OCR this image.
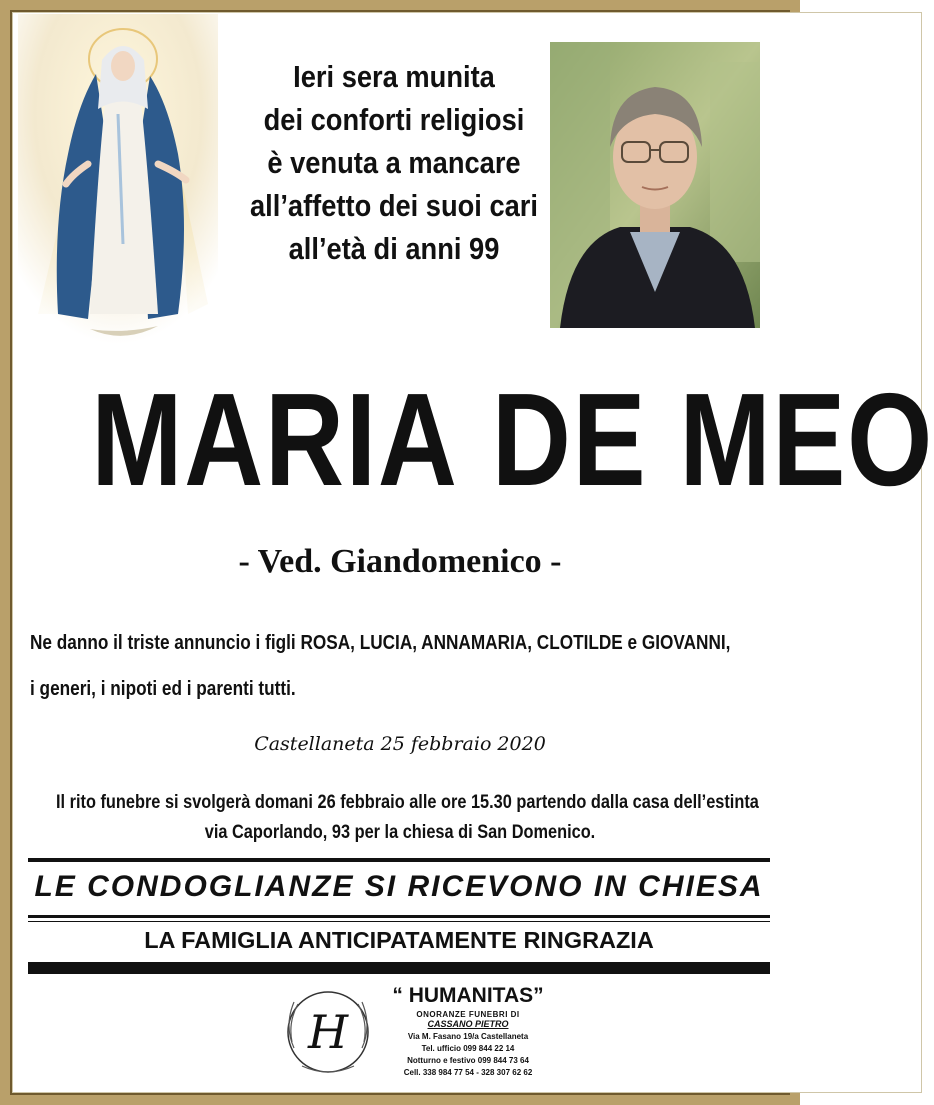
Ieri sera munita
dei conforti religiosi
è venuta a mancare
all’affetto dei suoi cari
all’età di anni 99
MARIA DE MEO
- Ved. Giandomenico -
Ne danno il triste annuncio i figli ROSA, LUCIA, ANNAMARIA, CLOTILDE e GIOVANNI,
i generi, i nipoti ed i parenti tutti.
Castellaneta 25 febbraio 2020
Il rito funebre si svolgerà domani 26 febbraio alle ore 15.30 partendo dalla casa dell’estinta
via Caporlando, 93 per la chiesa di San Domenico.
LE CONDOGLIANZE SI RICEVONO IN CHIESA
LA FAMIGLIA ANTICIPATAMENTE RINGRAZIA
H
“ HUMANITAS”
ONORANZE FUNEBRI DI
CASSANO PIETRO
Via M. Fasano 19/a Castellaneta
Tel. ufficio 099 844 22 14
Notturno e festivo 099 844 73 64
Cell. 338 984 77 54 - 328 307 62 62
